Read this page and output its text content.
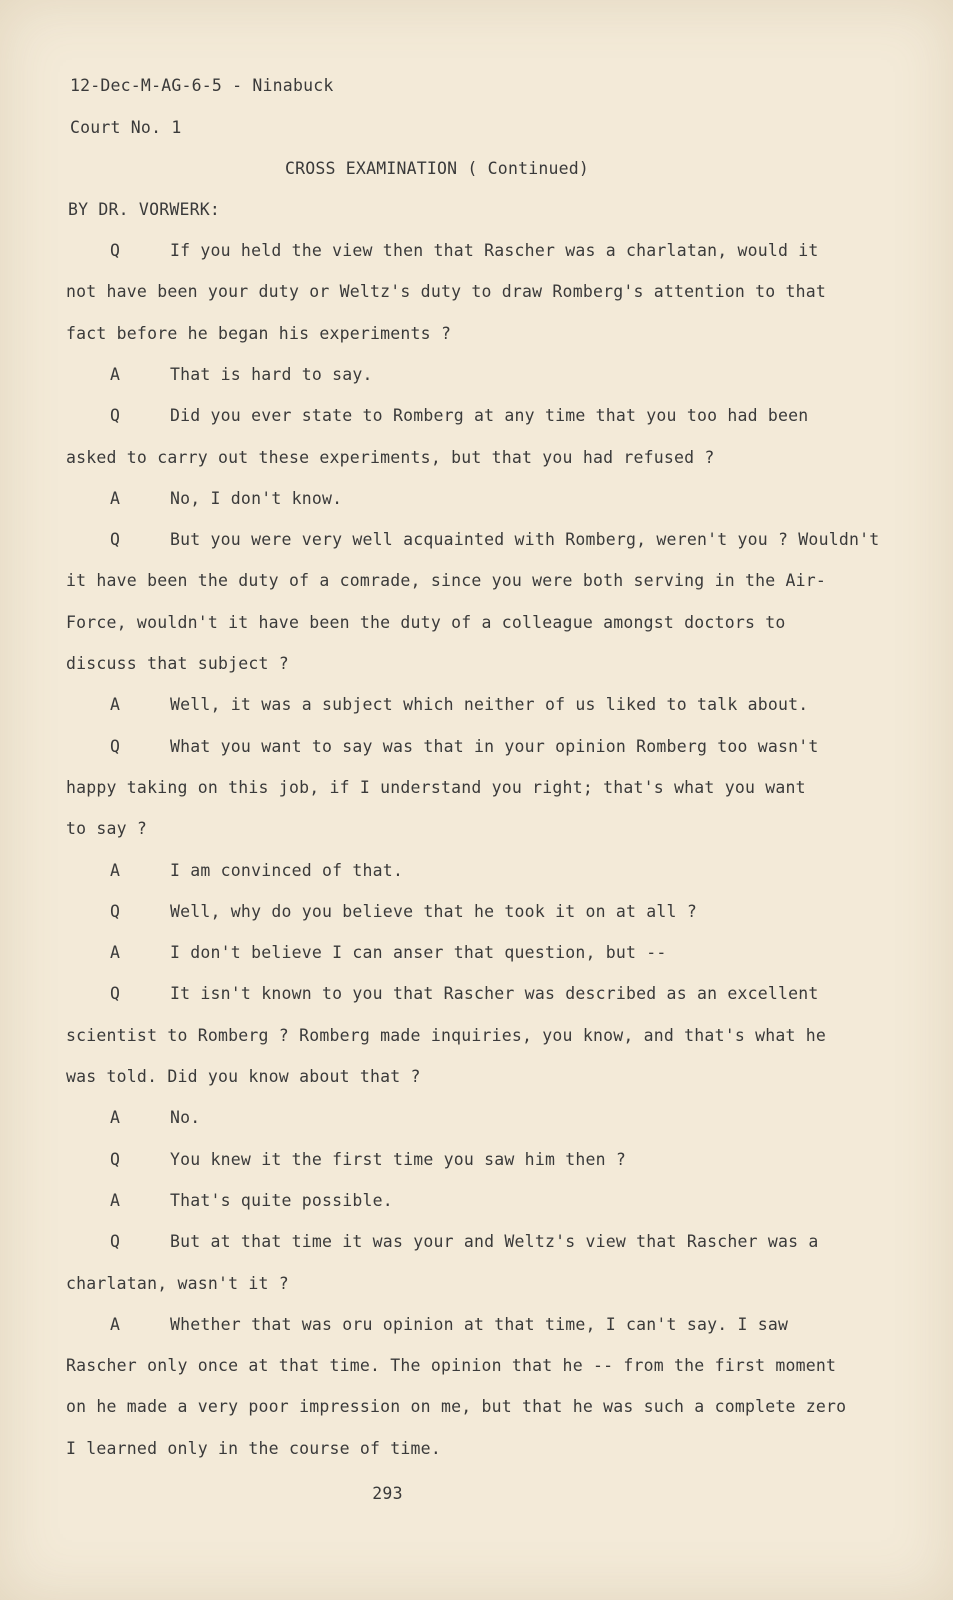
12-Dec-M-AG-6-5 - Ninabuck

Court No. 1

CROSS EXAMINATION ( Continued)

BY DR. VORWERK:

Q	If you held the view then that Rascher was a charlatan, would it
not have been your duty or Weltz's duty to draw Romberg's attention to that
fact before he began his experiments ?
A	That is hard to say.
Q	Did you ever state to Romberg at any time that you too had been
asked to carry out these experiments, but that you had refused ?
A	No, I don't know.
Q	But you were very well acquainted with Romberg, weren't you ? Wouldn't
it have been the duty of a comrade, since you were both serving in the Air-
Force, wouldn't it have been the duty of a colleague amongst doctors to
discuss that subject ?
A	Well, it was a subject which neither of us liked to talk about.
Q	What you want to say was that in your opinion Romberg too wasn't
happy taking on this job, if I understand you right; that's what you want
to say ?
A	I am convinced of that.
Q	Well, why do you believe that he took it on at all ?
A	I don't believe I can anser that question, but --
Q	It isn't known to you that Rascher was described as an excellent
scientist to Romberg ? Romberg made inquiries, you know, and that's what he
was told. Did you know about that ?
A	No.
Q	You knew it the first time you saw him then ?
A	That's quite possible.
Q	But at that time it was your and Weltz's view that Rascher was a
charlatan, wasn't it ?
A	Whether that was oru opinion at that time, I can't say. I saw
Rascher only once at that time. The opinion that he -- from the first moment
on he made a very poor impression on me, but that he was such a complete zero
I learned only in the course of time.

293
